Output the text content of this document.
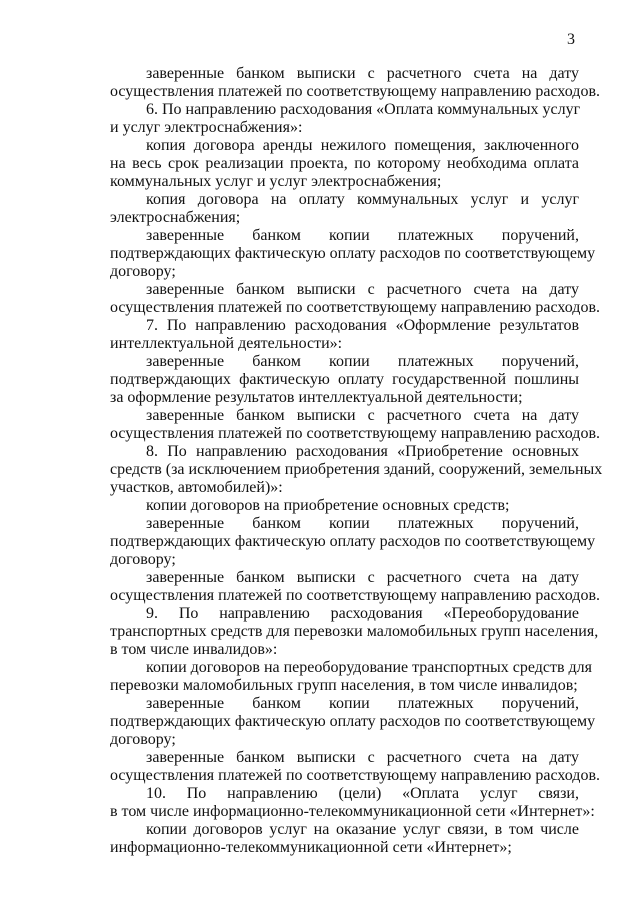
3
заверенные банком выписки с расчетного счета на дату
осуществления платежей по соответствующему направлению расходов.
6. По направлению расходования «Оплата коммунальных услуг
и услуг электроснабжения»:
копия договора аренды нежилого помещения, заключенного
на весь срок реализации проекта, по которому необходима оплата
коммунальных услуг и услуг электроснабжения;
копия договора на оплату коммунальных услуг и услуг
электроснабжения;
заверенные банком копии платежных поручений,
подтверждающих фактическую оплату расходов по соответствующему
договору;
заверенные банком выписки с расчетного счета на дату
осуществления платежей по соответствующему направлению расходов.
7. По направлению расходования «Оформление результатов
интеллектуальной деятельности»:
заверенные банком копии платежных поручений,
подтверждающих фактическую оплату государственной пошлины
за оформление результатов интеллектуальной деятельности;
заверенные банком выписки с расчетного счета на дату
осуществления платежей по соответствующему направлению расходов.
8. По направлению расходования «Приобретение основных
средств (за исключением приобретения зданий, сооружений, земельных
участков, автомобилей)»:
копии договоров на приобретение основных средств;
заверенные банком копии платежных поручений,
подтверждающих фактическую оплату расходов по соответствующему
договору;
заверенные банком выписки с расчетного счета на дату
осуществления платежей по соответствующему направлению расходов.
9. По направлению расходования «Переоборудование
транспортных средств для перевозки маломобильных групп населения,
в том числе инвалидов»:
копии договоров на переоборудование транспортных средств для
перевозки маломобильных групп населения, в том числе инвалидов;
заверенные банком копии платежных поручений,
подтверждающих фактическую оплату расходов по соответствующему
договору;
заверенные банком выписки с расчетного счета на дату
осуществления платежей по соответствующему направлению расходов.
10. По направлению (цели) «Оплата услуг связи,
в том числе информационно-телекоммуникационной сети «Интернет»:
копии договоров услуг на оказание услуг связи, в том числе
информационно-телекоммуникационной сети «Интернет»;
